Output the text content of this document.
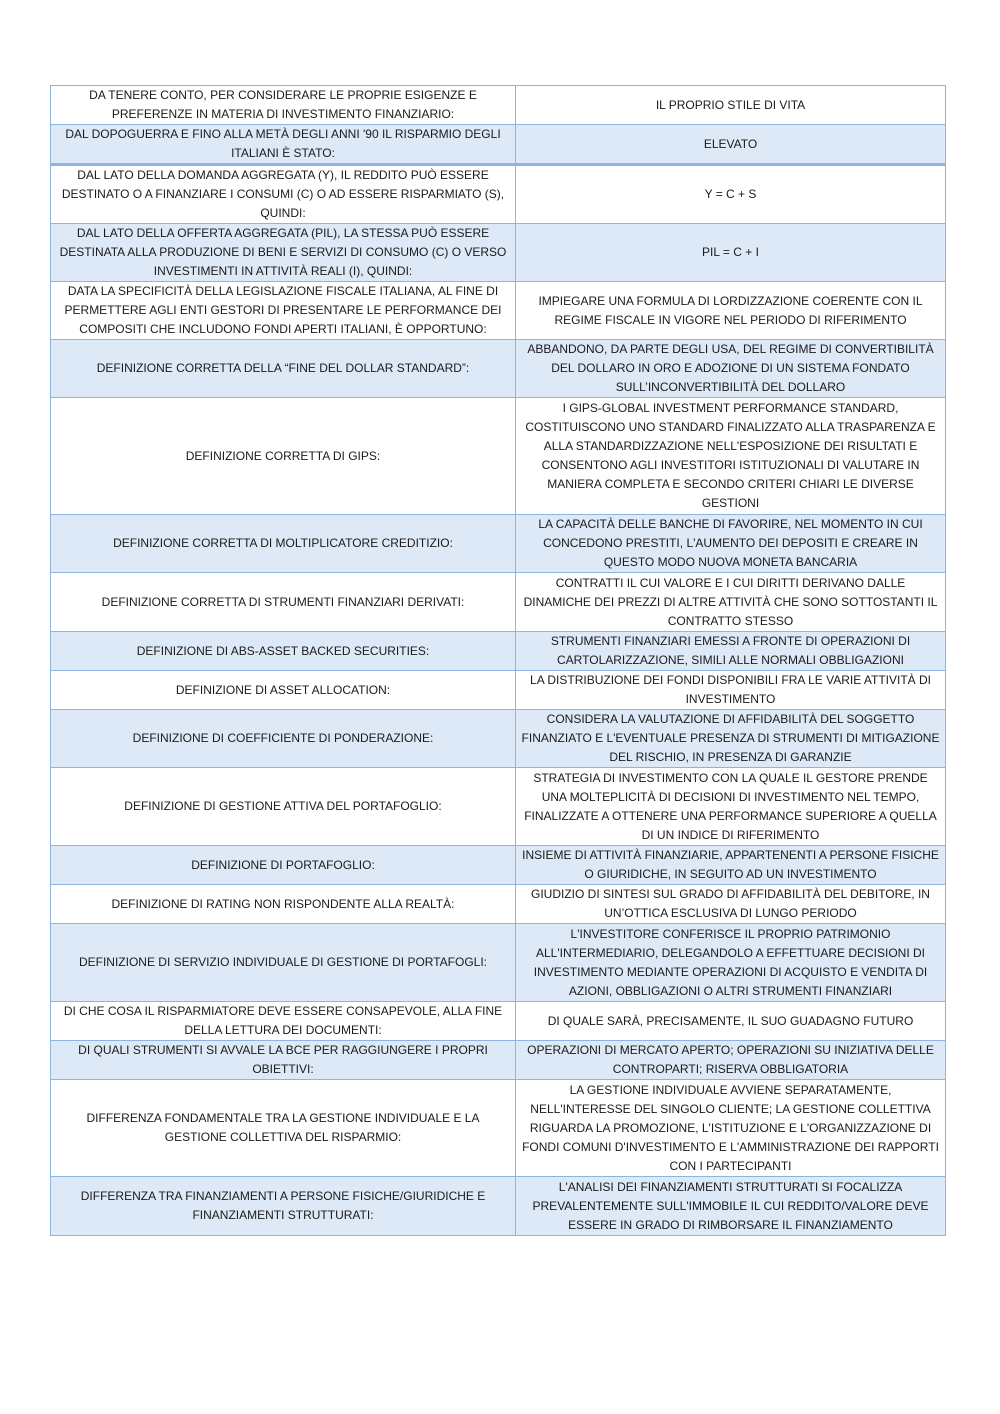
DA TENERE CONTO, PER CONSIDERARE LE PROPRIE ESIGENZE E PREFERENZE IN MATERIA DI INVESTIMENTO FINANZIARIO:	IL PROPRIO STILE DI VITA
DAL DOPOGUERRA E FINO ALLA METÀ DEGLI ANNI '90 IL RISPARMIO DEGLI ITALIANI È STATO:	ELEVATO
DAL LATO DELLA DOMANDA AGGREGATA (Y), IL REDDITO PUÒ ESSERE DESTINATO O A FINANZIARE I CONSUMI (C) O AD ESSERE RISPARMIATO (S), QUINDI:	Y = C + S
DAL LATO DELLA OFFERTA AGGREGATA (PIL), LA STESSA PUÒ ESSERE DESTINATA ALLA PRODUZIONE DI BENI E SERVIZI DI CONSUMO (C) O VERSO INVESTIMENTI IN ATTIVITÀ REALI (I), QUINDI:	PIL = C + I
DATA LA SPECIFICITÀ DELLA LEGISLAZIONE FISCALE ITALIANA, AL FINE DI PERMETTERE AGLI ENTI GESTORI DI PRESENTARE LE PERFORMANCE DEI COMPOSITI CHE INCLUDONO FONDI APERTI ITALIANI, È OPPORTUNO:	IMPIEGARE UNA FORMULA DI LORDIZZAZIONE COERENTE CON IL REGIME FISCALE IN VIGORE NEL PERIODO DI RIFERIMENTO
DEFINIZIONE CORRETTA DELLA “FINE DEL DOLLAR STANDARD”:	ABBANDONO, DA PARTE DEGLI USA, DEL REGIME DI CONVERTIBILITÀ DEL DOLLARO IN ORO E ADOZIONE DI UN SISTEMA FONDATO SULL’INCONVERTIBILITÀ DEL DOLLARO
DEFINIZIONE CORRETTA DI GIPS:	I GIPS-GLOBAL INVESTMENT PERFORMANCE STANDARD, COSTITUISCONO UNO STANDARD FINALIZZATO ALLA TRASPARENZA E ALLA STANDARDIZZAZIONE NELL'ESPOSIZIONE DEI RISULTATI E CONSENTONO AGLI INVESTITORI ISTITUZIONALI DI VALUTARE IN MANIERA COMPLETA E SECONDO CRITERI CHIARI LE DIVERSE GESTIONI
DEFINIZIONE CORRETTA DI MOLTIPLICATORE CREDITIZIO:	LA CAPACITÀ DELLE BANCHE DI FAVORIRE, NEL MOMENTO IN CUI CONCEDONO PRESTITI, L'AUMENTO DEI DEPOSITI E CREARE IN QUESTO MODO NUOVA MONETA BANCARIA
DEFINIZIONE CORRETTA DI STRUMENTI FINANZIARI DERIVATI:	CONTRATTI IL CUI VALORE E I CUI DIRITTI DERIVANO DALLE DINAMICHE DEI PREZZI DI ALTRE ATTIVITÀ CHE SONO SOTTOSTANTI IL CONTRATTO STESSO
DEFINIZIONE DI ABS-ASSET BACKED SECURITIES:	STRUMENTI FINANZIARI EMESSI A FRONTE DI OPERAZIONI DI CARTOLARIZZAZIONE, SIMILI ALLE NORMALI OBBLIGAZIONI
DEFINIZIONE DI ASSET ALLOCATION:	LA DISTRIBUZIONE DEI FONDI DISPONIBILI FRA LE VARIE ATTIVITÀ DI INVESTIMENTO
DEFINIZIONE DI COEFFICIENTE DI PONDERAZIONE:	CONSIDERA LA VALUTAZIONE DI AFFIDABILITÀ DEL SOGGETTO FINANZIATO E L'EVENTUALE PRESENZA DI STRUMENTI DI MITIGAZIONE DEL RISCHIO, IN PRESENZA DI GARANZIE
DEFINIZIONE DI GESTIONE ATTIVA DEL PORTAFOGLIO:	STRATEGIA DI INVESTIMENTO CON LA QUALE IL GESTORE PRENDE UNA MOLTEPLICITÀ DI DECISIONI DI INVESTIMENTO NEL TEMPO, FINALIZZATE A OTTENERE UNA PERFORMANCE SUPERIORE A QUELLA DI UN INDICE DI RIFERIMENTO
DEFINIZIONE DI PORTAFOGLIO:	INSIEME DI ATTIVITÀ FINANZIARIE, APPARTENENTI A PERSONE FISICHE O GIURIDICHE, IN SEGUITO AD UN INVESTIMENTO
DEFINIZIONE DI RATING NON RISPONDENTE ALLA REALTÀ:	GIUDIZIO DI SINTESI SUL GRADO DI AFFIDABILITÀ DEL DEBITORE, IN UN’OTTICA ESCLUSIVA DI LUNGO PERIODO
DEFINIZIONE DI SERVIZIO INDIVIDUALE DI GESTIONE DI PORTAFOGLI:	L'INVESTITORE CONFERISCE IL PROPRIO PATRIMONIO ALL'INTERMEDIARIO, DELEGANDOLO A EFFETTUARE DECISIONI DI INVESTIMENTO MEDIANTE OPERAZIONI DI ACQUISTO E VENDITA DI AZIONI, OBBLIGAZIONI O ALTRI STRUMENTI FINANZIARI
DI CHE COSA IL RISPARMIATORE DEVE ESSERE CONSAPEVOLE, ALLA FINE DELLA LETTURA DEI DOCUMENTI:	DI QUALE SARÀ, PRECISAMENTE, IL SUO GUADAGNO FUTURO
DI QUALI STRUMENTI SI AVVALE LA BCE PER RAGGIUNGERE I PROPRI OBIETTIVI:	OPERAZIONI DI MERCATO APERTO; OPERAZIONI SU INIZIATIVA DELLE CONTROPARTI; RISERVA OBBLIGATORIA
DIFFERENZA FONDAMENTALE TRA LA GESTIONE INDIVIDUALE E LA GESTIONE COLLETTIVA DEL RISPARMIO:	LA GESTIONE INDIVIDUALE AVVIENE SEPARATAMENTE, NELL'INTERESSE DEL SINGOLO CLIENTE; LA GESTIONE COLLETTIVA RIGUARDA LA PROMOZIONE, L'ISTITUZIONE E L'ORGANIZZAZIONE DI FONDI COMUNI D'INVESTIMENTO E L'AMMINISTRAZIONE DEI RAPPORTI CON I PARTECIPANTI
DIFFERENZA TRA FINANZIAMENTI A PERSONE FISICHE/GIURIDICHE E FINANZIAMENTI STRUTTURATI:	L'ANALISI DEI FINANZIAMENTI STRUTTURATI SI FOCALIZZA PREVALENTEMENTE SULL'IMMOBILE IL CUI REDDITO/VALORE DEVE ESSERE IN GRADO DI RIMBORSARE IL FINANZIAMENTO
